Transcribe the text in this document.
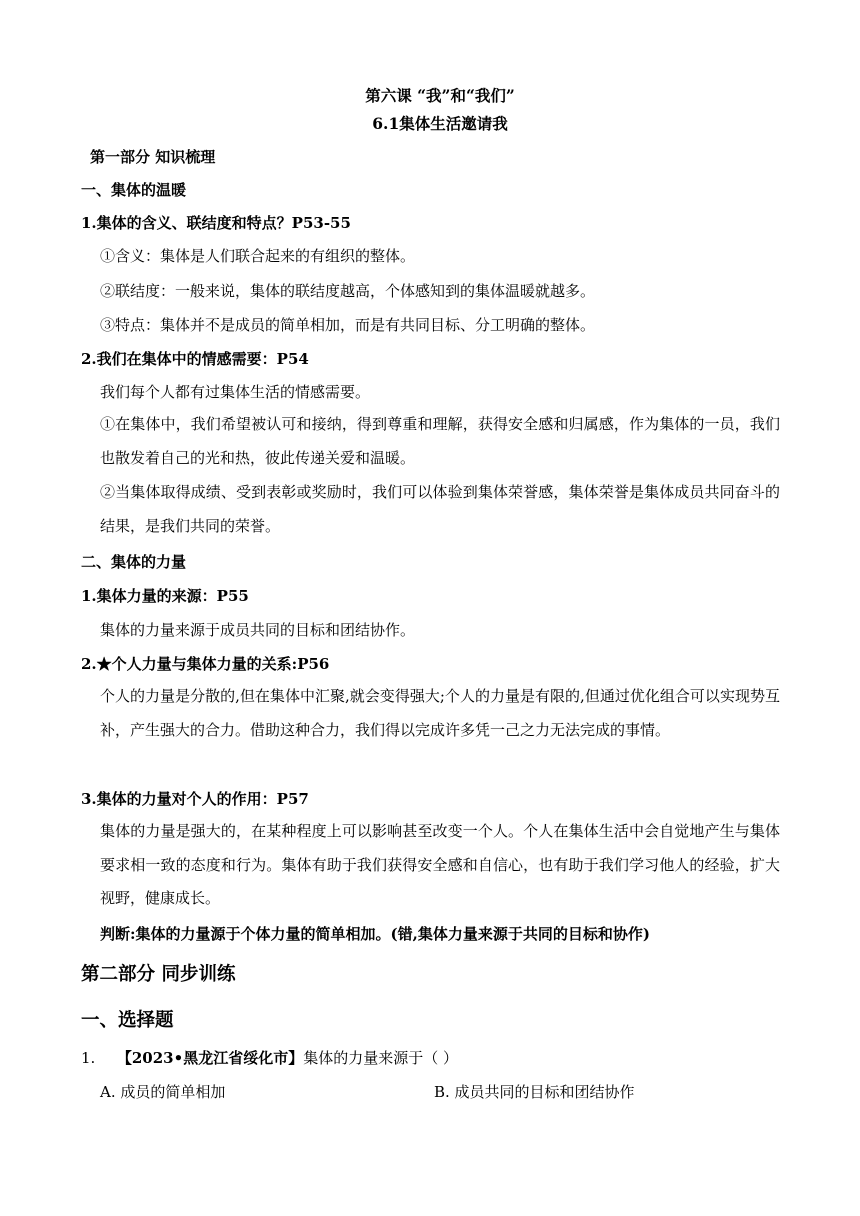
第六课 “我”和“我们”
6.1集体生活邀请我
第一部分 知识梳理
一、集体的温暖
1.集体的含义、联结度和特点？P53-55
①含义：集体是人们联合起来的有组织的整体。
②联结度：一般来说，集体的联结度越高，个体感知到的集体温暖就越多。
③特点：集体并不是成员的简单相加，而是有共同目标、分工明确的整体。
2.我们在集体中的情感需要：P54
我们每个人都有过集体生活的情感需要。
①在集体中，我们希望被认可和接纳，得到尊重和理解，获得安全感和归属感，作为集体的一员，我们也散发着自己的光和热，彼此传递关爱和温暖。
②当集体取得成绩、受到表彰或奖励时，我们可以体验到集体荣誉感，集体荣誉是集体成员共同奋斗的结果，是我们共同的荣誉。
二、集体的力量
1.集体力量的来源：P55
集体的力量来源于成员共同的目标和团结协作。
2.★个人力量与集体力量的关系:P56
个人的力量是分散的,但在集体中汇聚,就会变得强大;个人的力量是有限的,但通过优化组合可以实现势互补，产生强大的合力。借助这种合力，我们得以完成许多凭一己之力无法完成的事情。
3.集体的力量对个人的作用：P57
集体的力量是强大的，在某种程度上可以影响甚至改变一个人。个人在集体生活中会自觉地产生与集体要求相一致的态度和行为。集体有助于我们获得安全感和自信心，也有助于我们学习他人的经验，扩大视野，健康成长。
判断:集体的力量源于个体力量的简单相加。(错,集体力量来源于共同的目标和协作)
第二部分 同步训练
一、选择题
1. 【2023•黑龙江省绥化市】集体的力量来源于（ ）
A. 成员的简单相加	B. 成员共同的目标和团结协作
